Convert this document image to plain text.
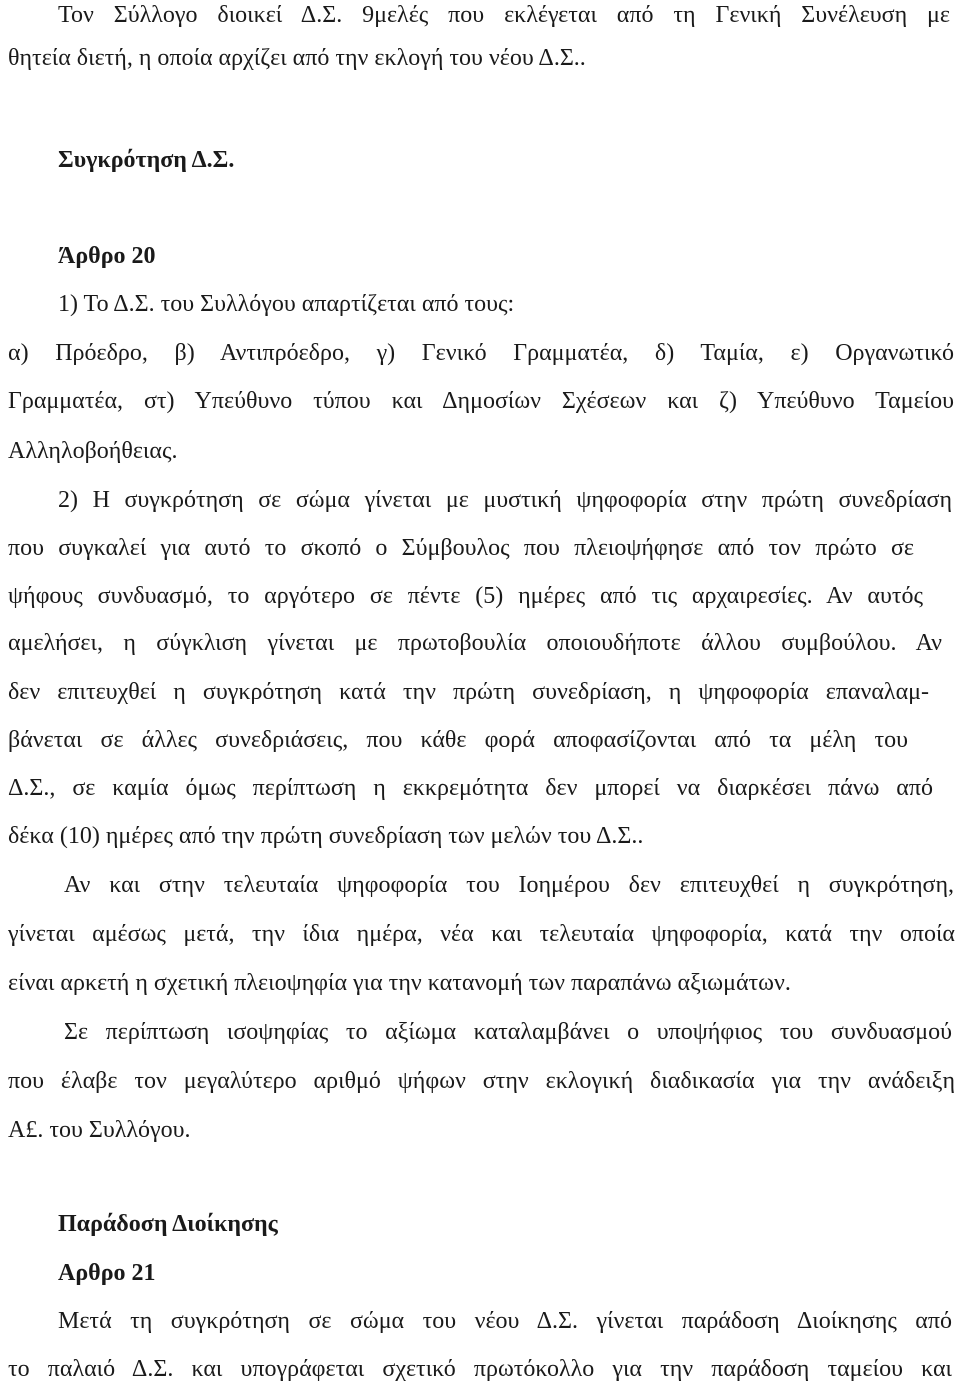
Τον Σύλλογο διοικεί Δ.Σ. 9μελές που εκλέγεται από τη Γενική Συνέλευση με
θητεία διετή, η οποία αρχίζει από την εκλογή του νέου Δ.Σ..
Συγκρότηση Δ.Σ.
Άρθρο 20
1) Το Δ.Σ. του Συλλόγου απαρτίζεται από τους:
α) Πρόεδρο, β) Αντιπρόεδρο, γ) Γενικό Γραμματέα, δ) Ταμία, ε) Οργανωτικό
Γραμματέα, στ) Υπεύθυνο τύπου και Δημοσίων Σχέσεων και ζ) Υπεύθυνο Ταμείου
Αλληλοβοήθειας.
2) Η συγκρότηση σε σώμα γίνεται με μυστική ψηφοφορία στην πρώτη συνεδρίαση
που συγκαλεί για αυτό το σκοπό ο Σύμβουλος που πλειοψήφησε από τον πρώτο σε
ψήφους συνδυασμό, το αργότερο σε πέντε (5) ημέρες από τις αρχαιρεσίες. Αν αυτός
αμελήσει, η σύγκλιση γίνεται με πρωτοβουλία οποιουδήποτε άλλου συμβούλου. Αν
δεν επιτευχθεί η συγκρότηση κατά την πρώτη συνεδρίαση, η ψηφοφορία επαναλαμ-
βάνεται σε άλλες συνεδριάσεις, που κάθε φορά αποφασίζονται από τα μέλη του
Δ.Σ., σε καμία όμως περίπτωση η εκκρεμότητα δεν μπορεί να διαρκέσει πάνω από
δέκα (10) ημέρες από την πρώτη συνεδρίαση των μελών του Δ.Σ..
Αν και στην τελευταία ψηφοφορία του Ιοημέρου δεν επιτευχθεί η συγκρότηση,
γίνεται αμέσως μετά, την ίδια ημέρα, νέα και τελευταία ψηφοφορία, κατά την οποία
είναι αρκετή η σχετική πλειοψηφία για την κατανομή των παραπάνω αξιωμάτων.
Σε περίπτωση ισοψηφίας το αξίωμα καταλαμβάνει ο υποψήφιος του συνδυασμού
που έλαβε τον μεγαλύτερο αριθμό ψήφων στην εκλογική διαδικασία για την ανάδειξη
Α£. του Συλλόγου.
Παράδοση Διοίκησης
Αρθρο 21
Μετά τη συγκρότηση σε σώμα του νέου Δ.Σ. γίνεται παράδοση Διοίκησης από
το παλαιό Δ.Σ. και υπογράφεται σχετικό πρωτόκολλο για την παράδοση ταμείου και
